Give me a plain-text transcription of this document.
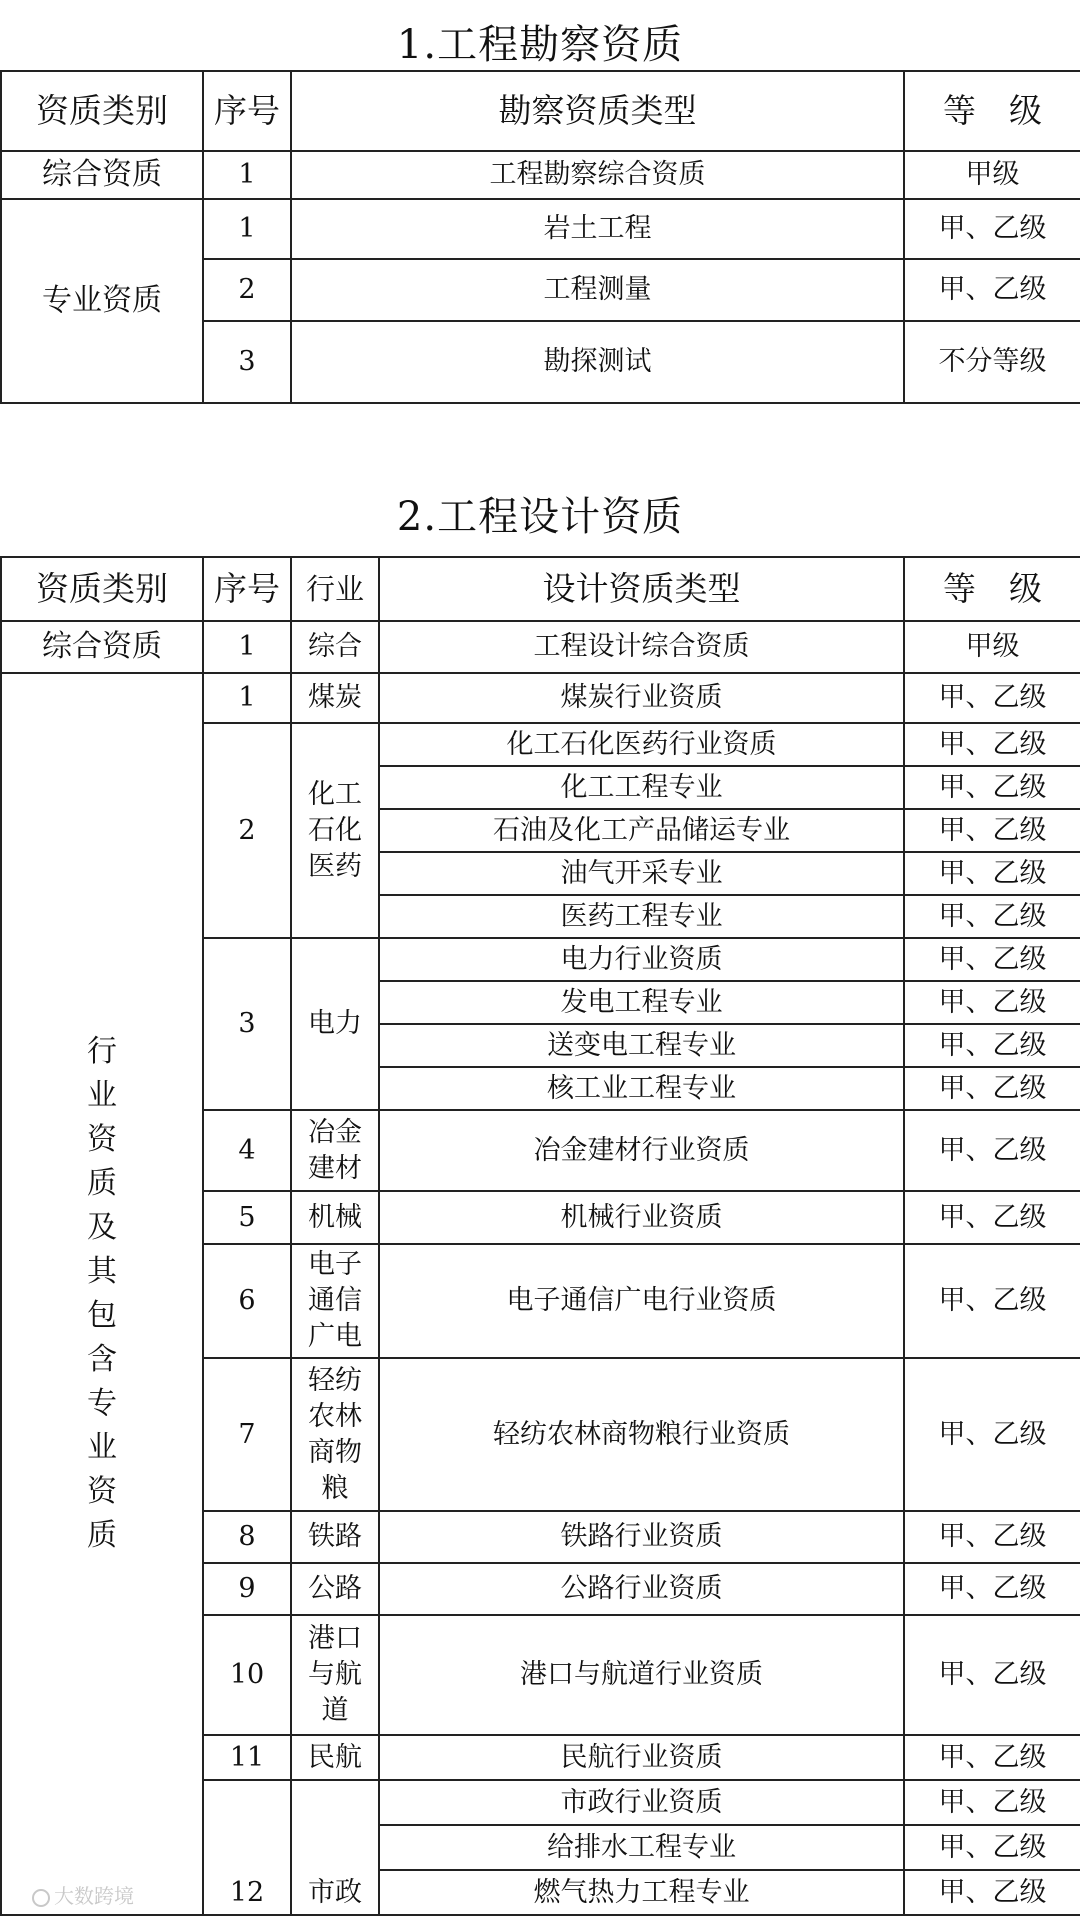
1.工程勘察资质
资质类别	序号	勘察资质类型	等　级
综合资质	1	工程勘察综合资质	甲级
专业资质	1	岩土工程	甲、乙级
	2	工程测量	甲、乙级
	3	勘探测试	不分等级
2.工程设计资质
资质类别	序号	行业	设计资质类型	等　级
综合资质	1	综合	工程设计综合资质	甲级
行业资质及其包含专业资质	1	煤炭	煤炭行业资质	甲、乙级
	2	化工石化医药	化工石化医药行业资质	甲、乙级
			化工工程专业	甲、乙级
			石油及化工产品储运专业	甲、乙级
			油气开采专业	甲、乙级
			医药工程专业	甲、乙级
	3	电力	电力行业资质	甲、乙级
			发电工程专业	甲、乙级
			送变电工程专业	甲、乙级
			核工业工程专业	甲、乙级
	4	冶金建材	冶金建材行业资质	甲、乙级
	5	机械	机械行业资质	甲、乙级
	6	电子通信广电	电子通信广电行业资质	甲、乙级
	7	轻纺农林商物粮	轻纺农林商物粮行业资质	甲、乙级
	8	铁路	铁路行业资质	甲、乙级
	9	公路	公路行业资质	甲、乙级
	10	港口与航道	港口与航道行业资质	甲、乙级
	11	民航	民航行业资质	甲、乙级
	12	市政	市政行业资质	甲、乙级
			给排水工程专业	甲、乙级
			燃气热力工程专业	甲、乙级
大数跨境
